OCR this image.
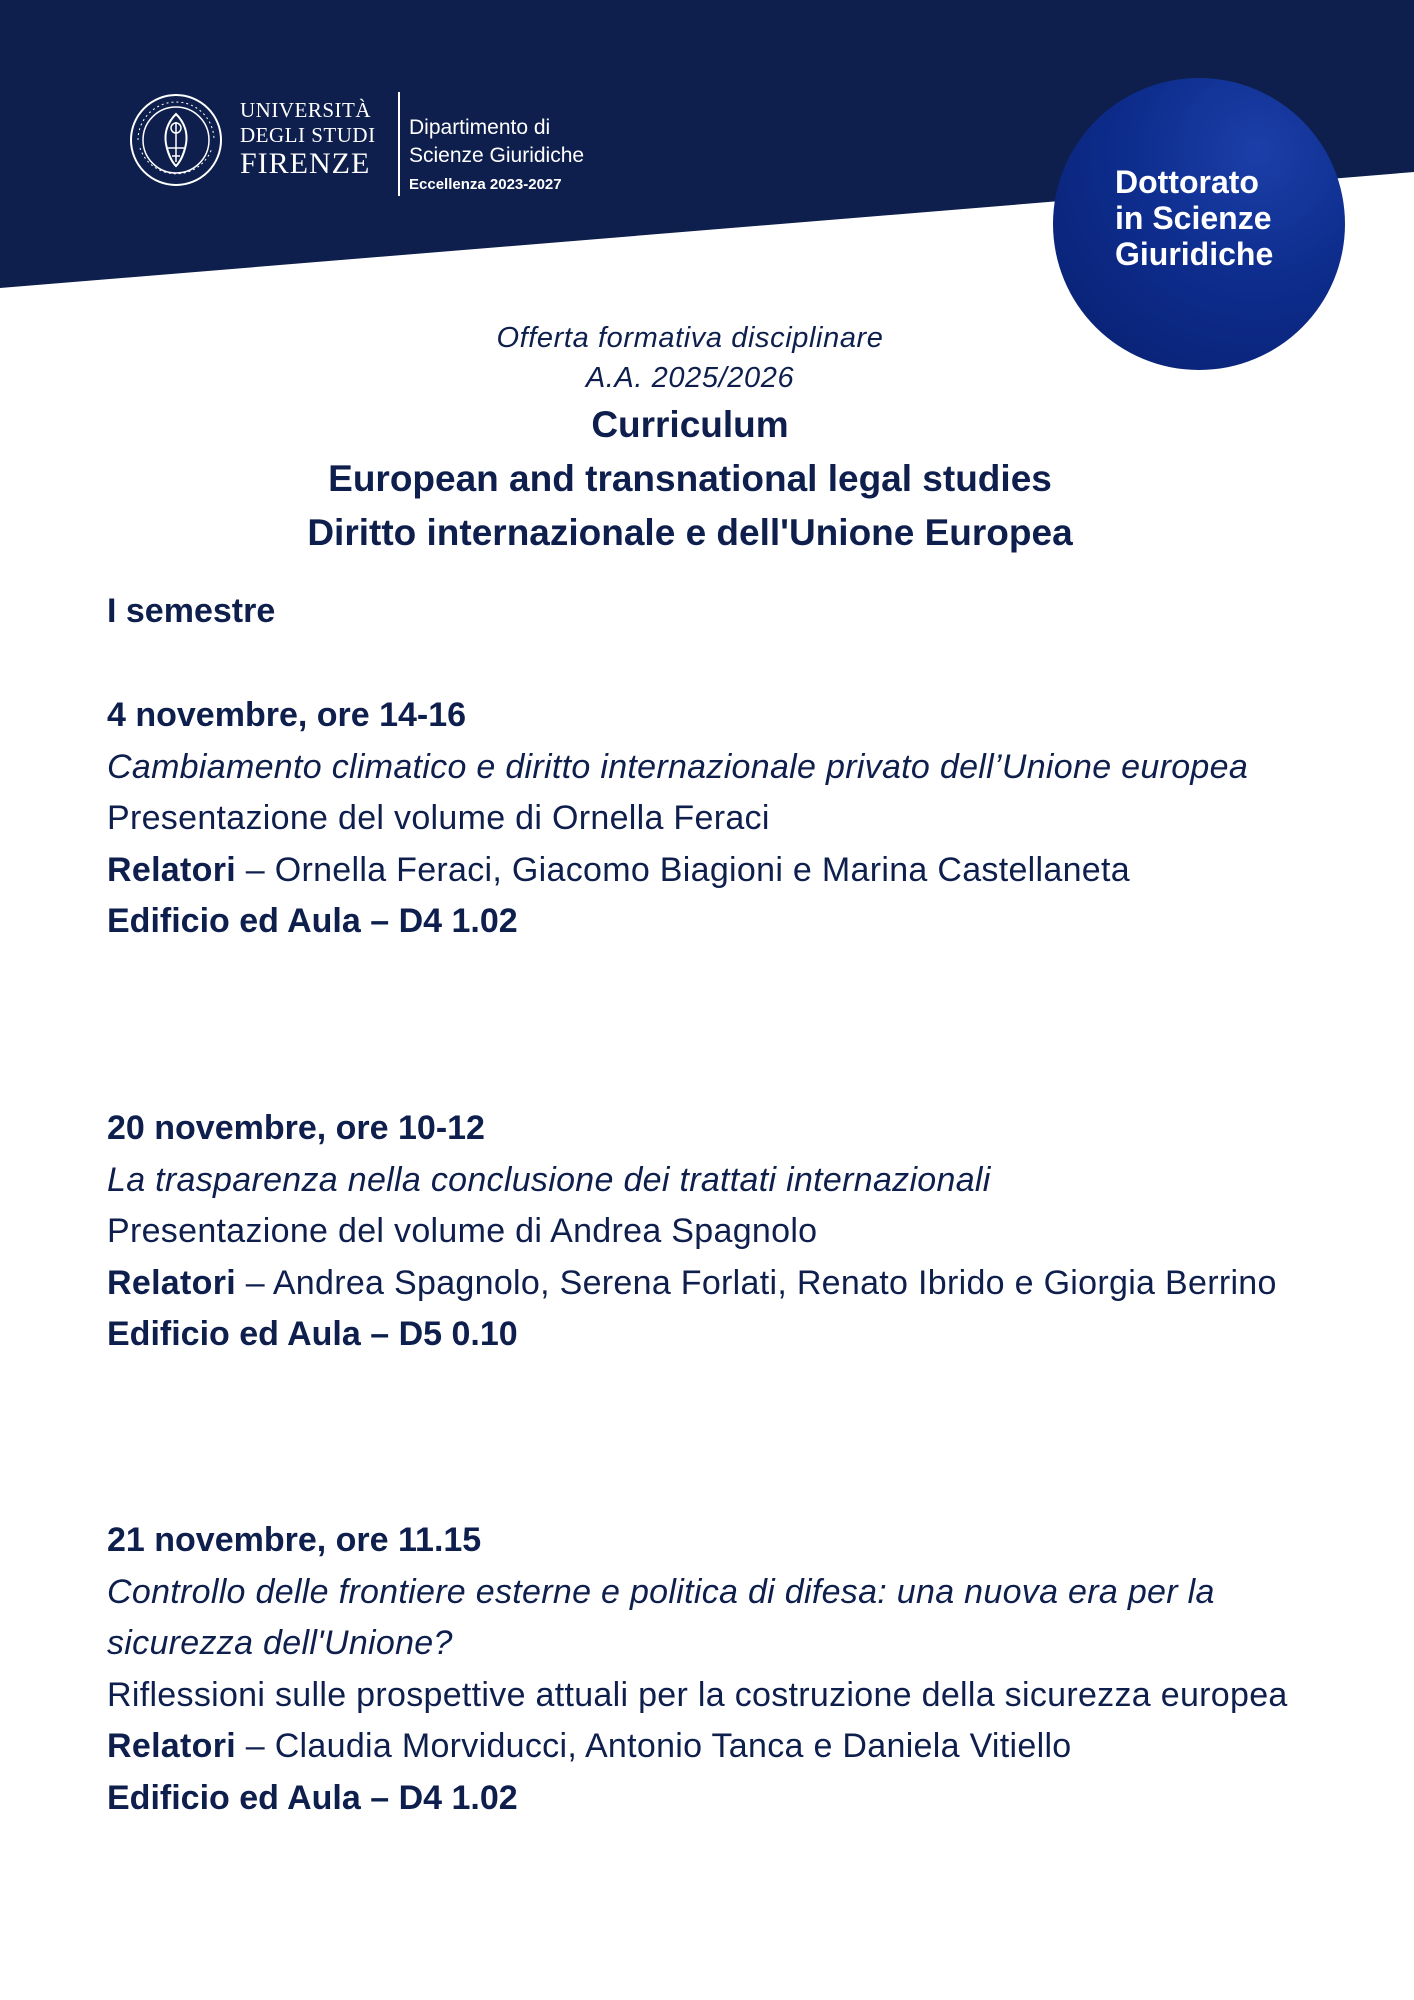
UNIVERSITÀ
DEGLI STUDI
FIRENZE
Dipartimento di
Scienze Giuridiche
Eccellenza 2023-2027	Dottorato
in Scienze
Giuridiche
Offerta formativa disciplinare
A.A. 2025/2026
Curriculum
European and transnational legal studies
Diritto internazionale e dell'Unione Europea
I semestre
4 novembre, ore 14-16
Cambiamento climatico e diritto internazionale privato dell’Unione europea
Presentazione del volume di Ornella Feraci
Relatori – Ornella Feraci, Giacomo Biagioni e Marina Castellaneta
Edificio ed Aula – D4 1.02
20 novembre, ore 10-12
La trasparenza nella conclusione dei trattati internazionali
Presentazione del volume di Andrea Spagnolo
Relatori – Andrea Spagnolo, Serena Forlati, Renato Ibrido e Giorgia Berrino
Edificio ed Aula – D5 0.10
21 novembre, ore 11.15
Controllo delle frontiere esterne e politica di difesa: una nuova era per la sicurezza dell'Unione?
Riflessioni sulle prospettive attuali per la costruzione della sicurezza europea
Relatori – Claudia Morviducci, Antonio Tanca e Daniela Vitiello
Edificio ed Aula – D4 1.02
